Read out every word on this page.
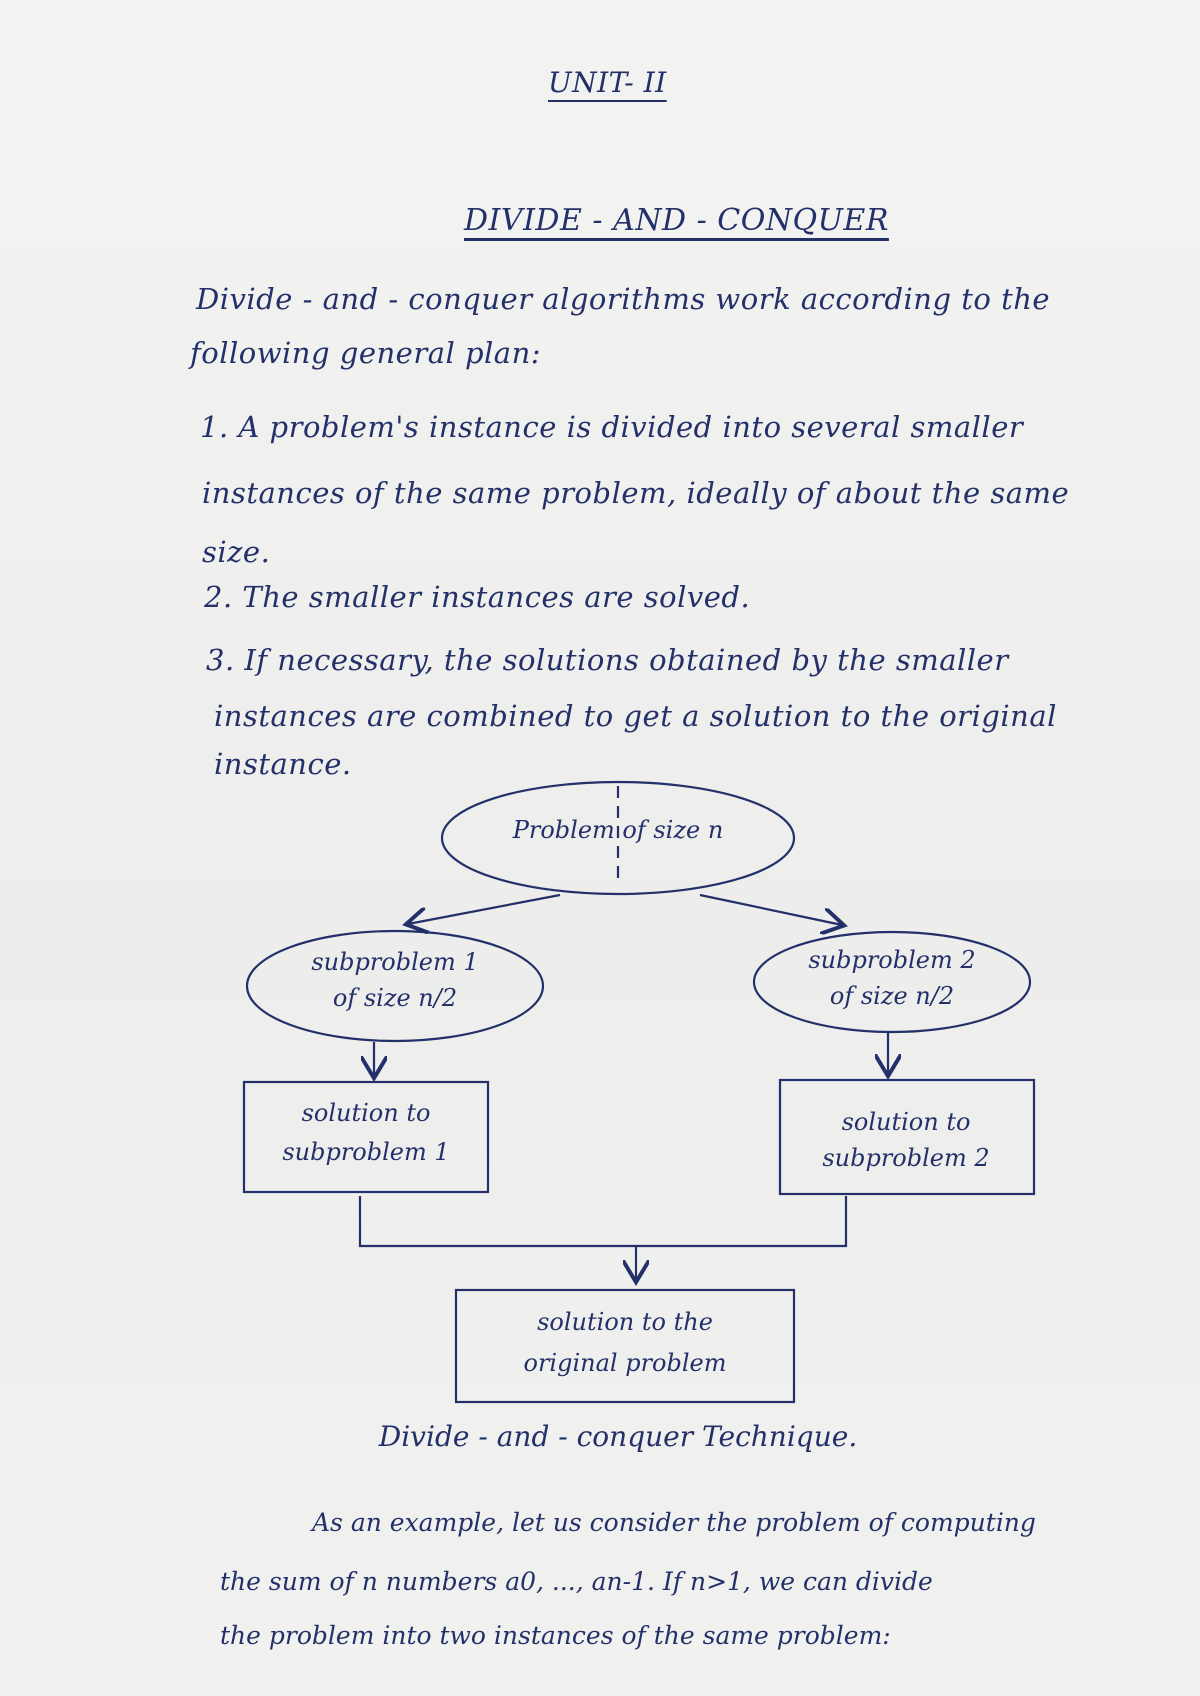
UNIT- II
DIVIDE - AND - CONQUER
Divide - and - conquer algorithms work according to the
following general plan:
1. A problem's instance is divided into several smaller
instances of the same problem, ideally of about the same
size.
2. The smaller instances are solved.
3. If necessary, the solutions obtained by the smaller
instances are combined to get a solution to the original
instance.
Problem of size n
subproblem 1
of size n/2
subproblem 2
of size n/2
solution to
subproblem 1
solution to
subproblem 2
solution to the
original problem
Divide - and - conquer Technique.
As an example, let us consider the problem of computing
the sum of n numbers a0, ..., an-1. If n>1, we can divide
the problem into two instances of the same problem:
